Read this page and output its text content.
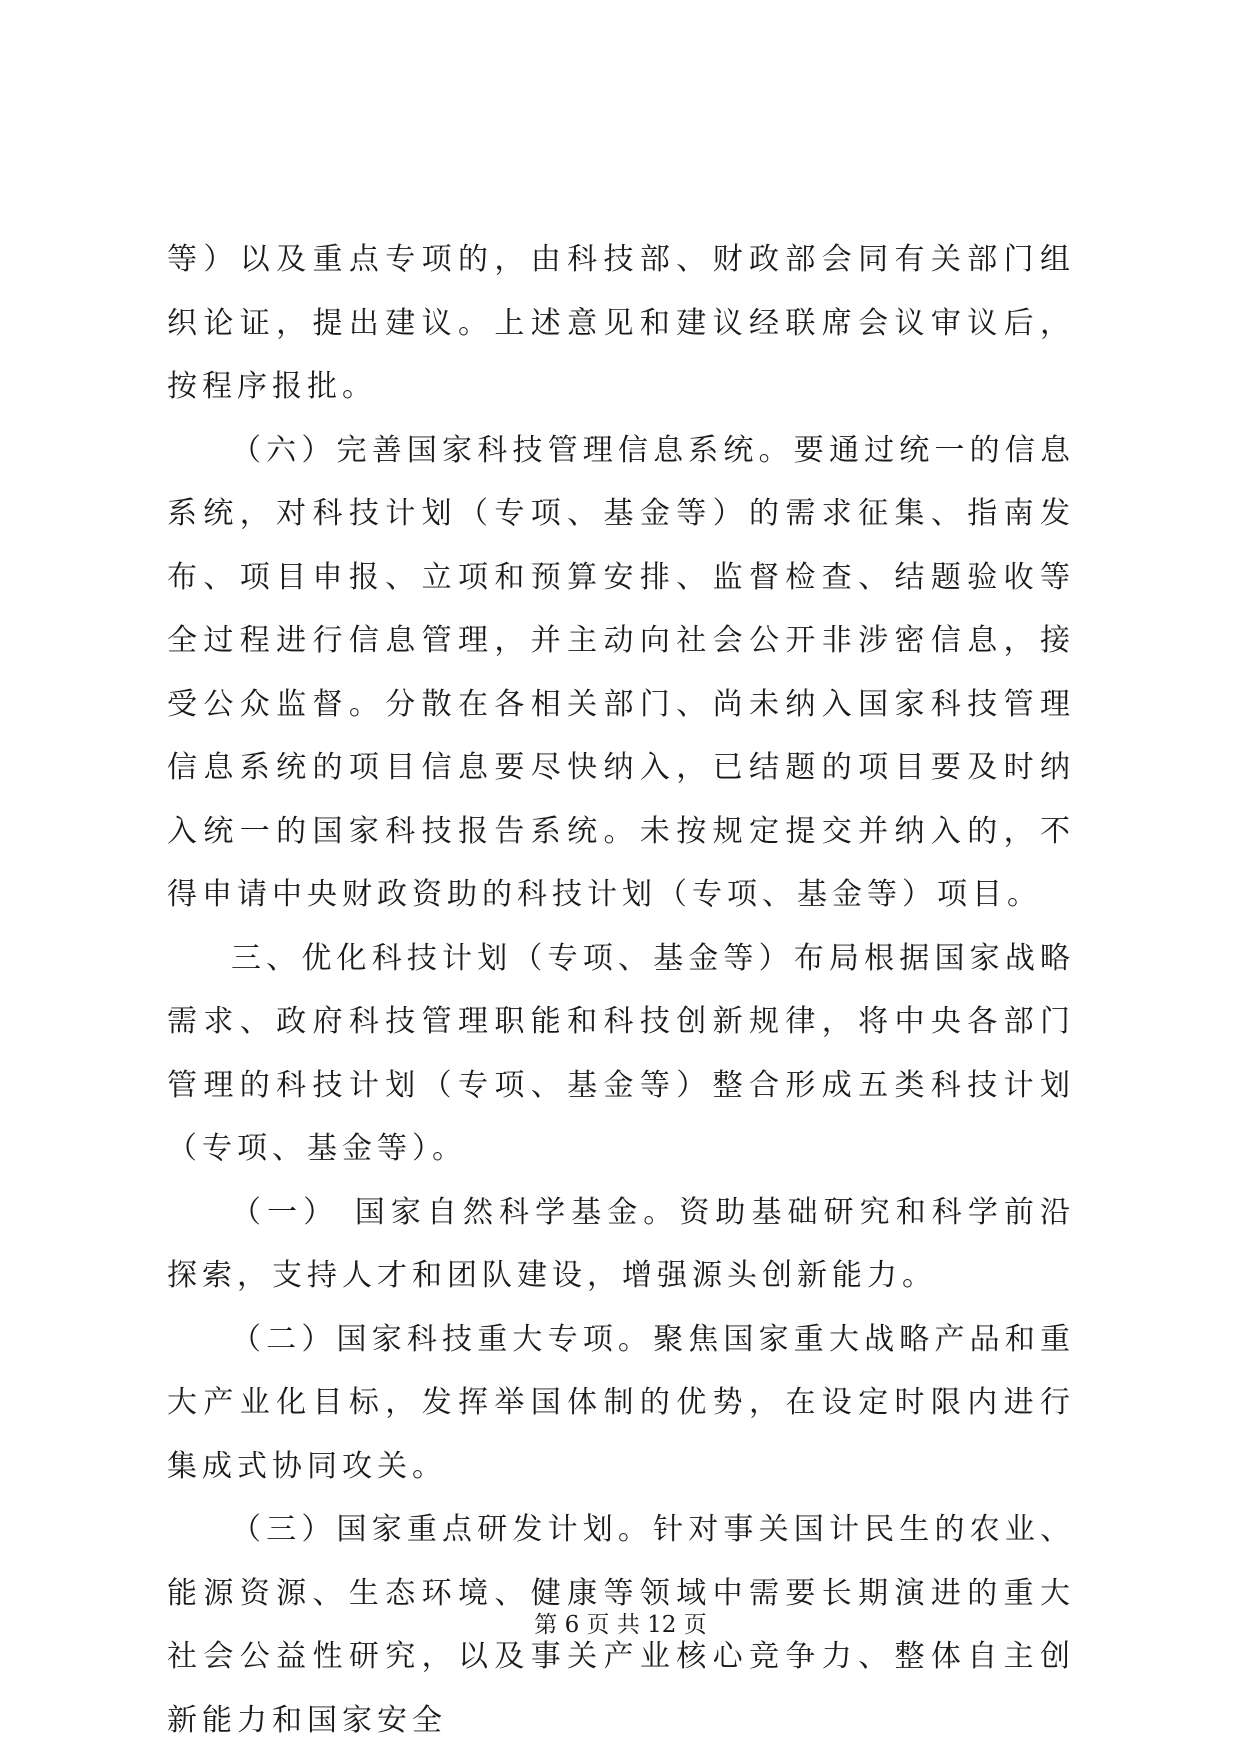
等）以及重点专项的，由科技部、财政部会同有关部门组织论证，提出建议。上述意见和建议经联席会议审议后，按程序报批。

（六）完善国家科技管理信息系统。要通过统一的信息系统，对科技计划（专项、基金等）的需求征集、指南发布、项目申报、立项和预算安排、监督检查、结题验收等全过程进行信息管理，并主动向社会公开非涉密信息，接受公众监督。分散在各相关部门、尚未纳入国家科技管理信息系统的项目信息要尽快纳入，已结题的项目要及时纳入统一的国家科技报告系统。未按规定提交并纳入的，不得申请中央财政资助的科技计划（专项、基金等）项目。

三、优化科技计划（专项、基金等）布局根据国家战略需求、政府科技管理职能和科技创新规律，将中央各部门管理的科技计划（专项、基金等）整合形成五类科技计划（专项、基金等）。

（一） 国家自然科学基金。资助基础研究和科学前沿探索，支持人才和团队建设，增强源头创新能力。

（二）国家科技重大专项。聚焦国家重大战略产品和重大产业化目标，发挥举国体制的优势，在设定时限内进行集成式协同攻关。

（三）国家重点研发计划。针对事关国计民生的农业、能源资源、生态环境、健康等领域中需要长期演进的重大社会公益性研究，以及事关产业核心竞争力、整体自主创新能力和国家安全

第 6 页 共 12 页
